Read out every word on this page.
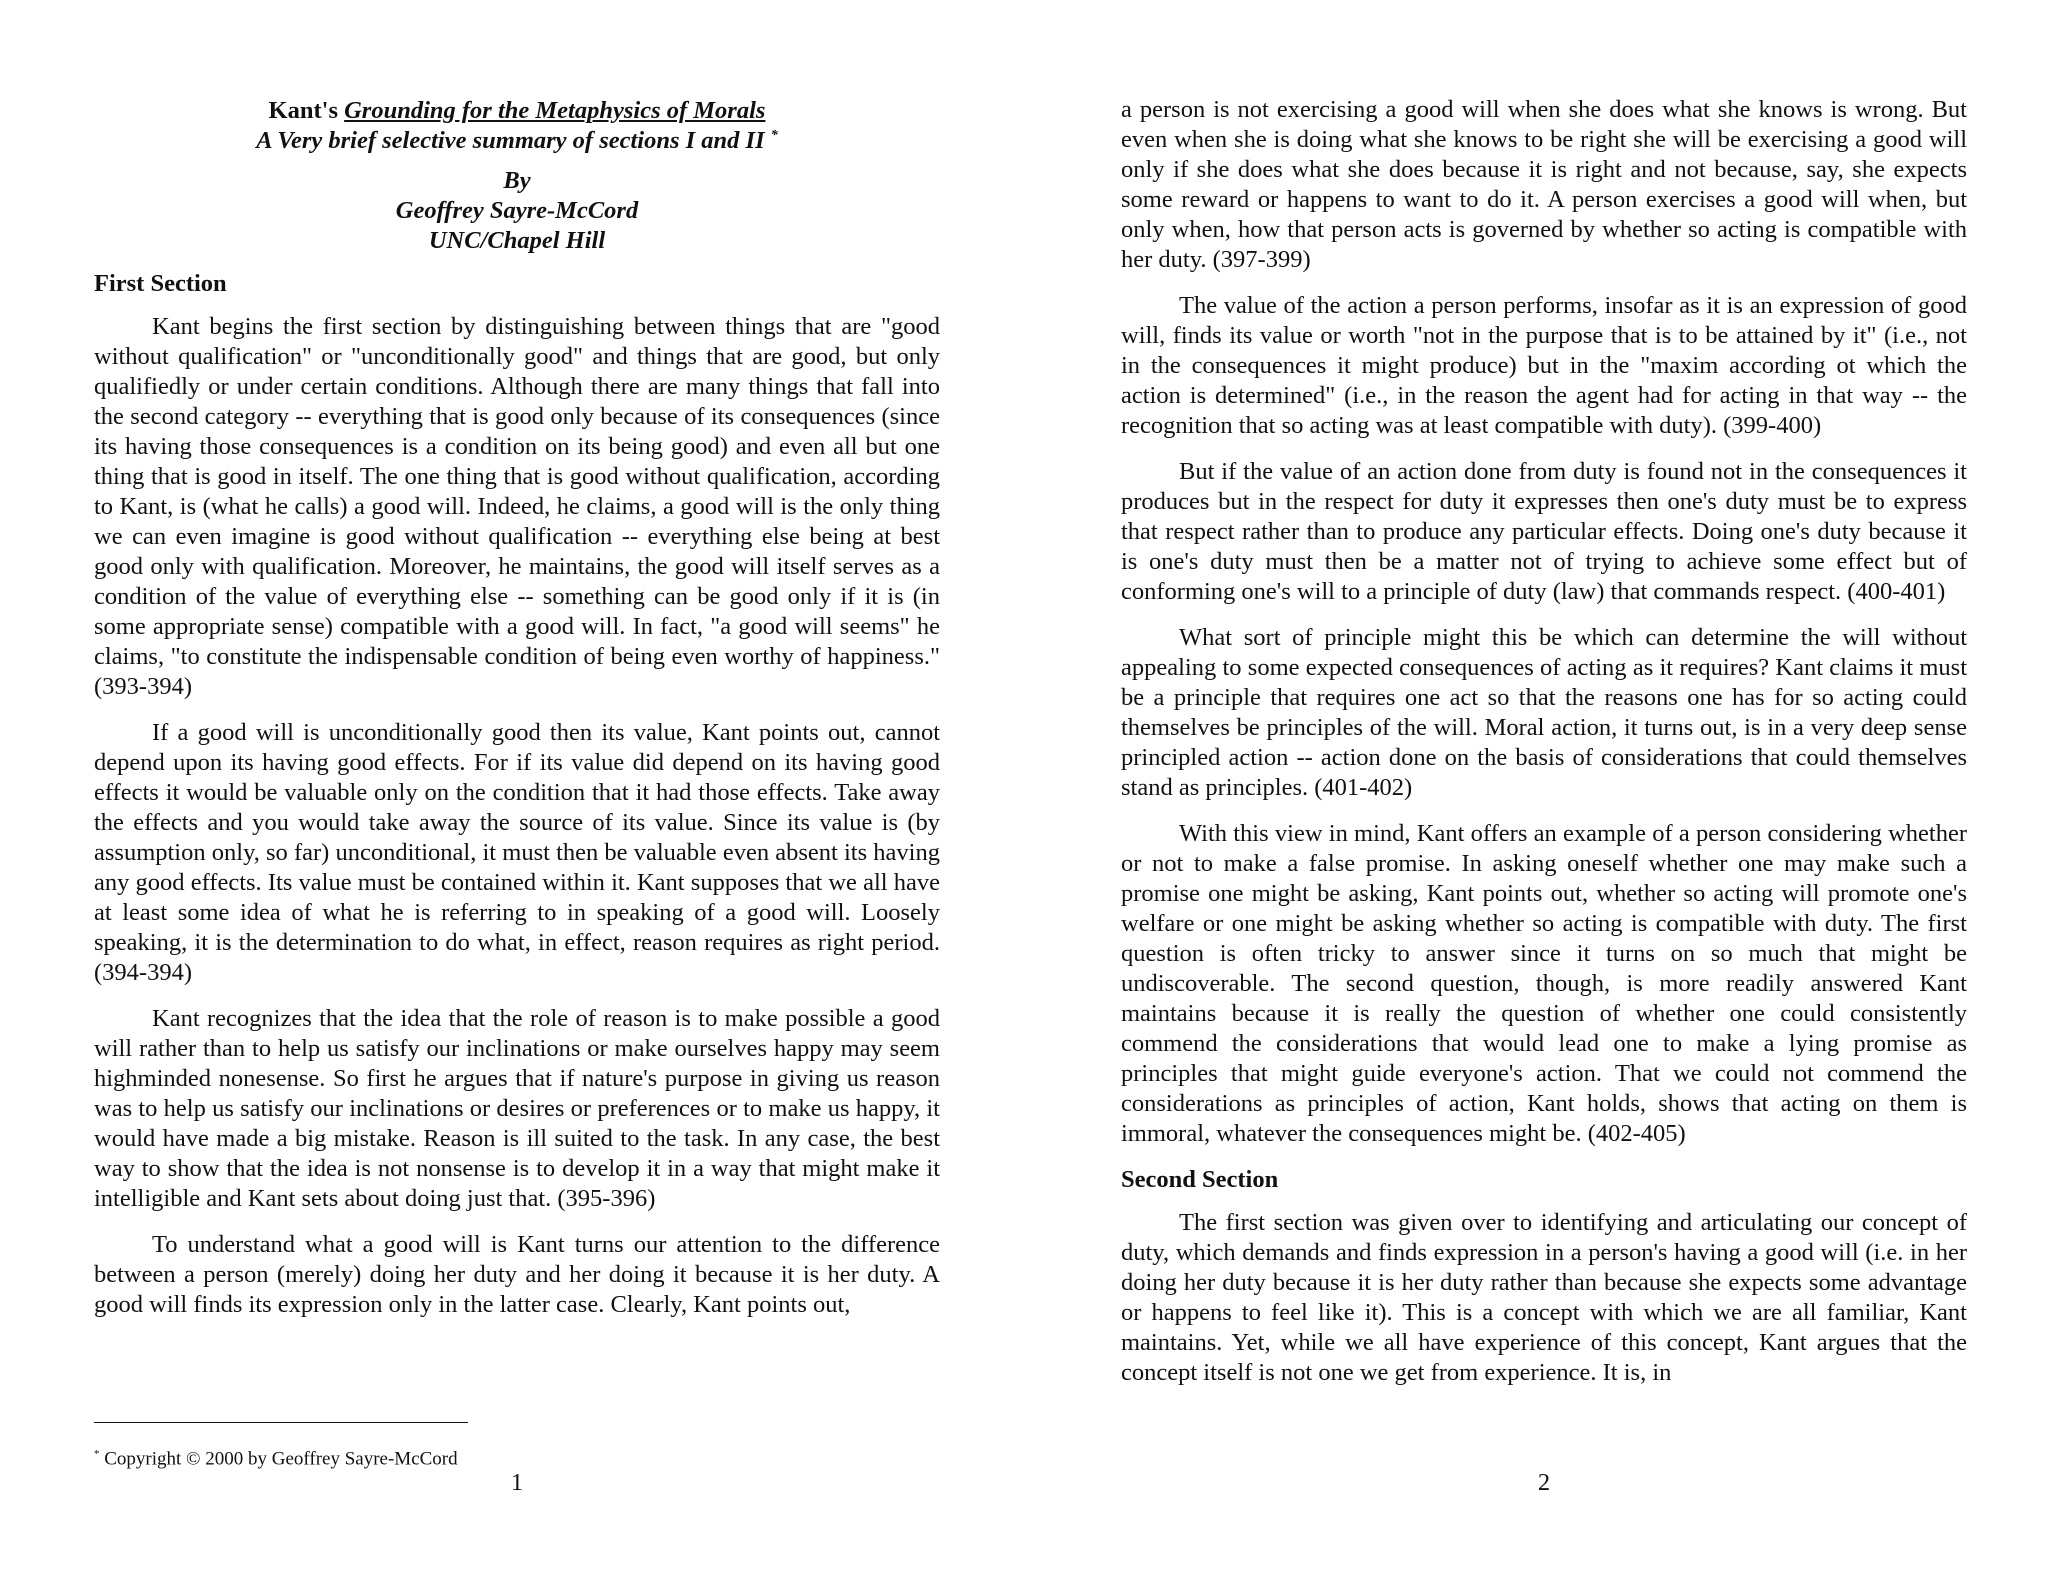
Kant's Grounding for the Metaphysics of Morals
A Very brief selective summary of sections I and II *
By
Geoffrey Sayre-McCord
UNC/Chapel Hill
First Section

Kant begins the first section by distinguishing between things that are "good without qualification" or "unconditionally good" and things that are good, but only qualifiedly or under certain conditions. Although there are many things that fall into the second category -- everything that is good only because of its consequences (since its having those consequences is a condition on its being good) and even all but one thing that is good in itself. The one thing that is good without qualification, according to Kant, is (what he calls) a good will. Indeed, he claims, a good will is the only thing we can even imagine is good without qualification -- everything else being at best good only with qualification. Moreover, he maintains, the good will itself serves as a condition of the value of everything else -- something can be good only if it is (in some appropriate sense) compatible with a good will. In fact, "a good will seems" he claims, "to constitute the indispensable condition of being even worthy of happiness." (393-394)

If a good will is unconditionally good then its value, Kant points out, cannot depend upon its having good effects. For if its value did depend on its having good effects it would be valuable only on the condition that it had those effects. Take away the effects and you would take away the source of its value. Since its value is (by assumption only, so far) unconditional, it must then be valuable even absent its having any good effects. Its value must be contained within it. Kant supposes that we all have at least some idea of what he is referring to in speaking of a good will. Loosely speaking, it is the determination to do what, in effect, reason requires as right period. (394-394)

Kant recognizes that the idea that the role of reason is to make possible a good will rather than to help us satisfy our inclinations or make ourselves happy may seem highminded nonesense. So first he argues that if nature's purpose in giving us reason was to help us satisfy our inclinations or desires or preferences or to make us happy, it would have made a big mistake. Reason is ill suited to the task. In any case, the best way to show that the idea is not nonsense is to develop it in a way that might make it intelligible and Kant sets about doing just that. (395-396)

To understand what a good will is Kant turns our attention to the difference between a person (merely) doing her duty and her doing it because it is her duty. A good will finds its expression only in the latter case. Clearly, Kant points out,

* Copyright © 2000 by Geoffrey Sayre-McCord
1

a person is not exercising a good will when she does what she knows is wrong. But even when she is doing what she knows to be right she will be exercising a good will only if she does what she does because it is right and not because, say, she expects some reward or happens to want to do it. A person exercises a good will when, but only when, how that person acts is governed by whether so acting is compatible with her duty. (397-399)

The value of the action a person performs, insofar as it is an expression of good will, finds its value or worth "not in the purpose that is to be attained by it" (i.e., not in the consequences it might produce) but in the "maxim according ot which the action is determined" (i.e., in the reason the agent had for acting in that way -- the recognition that so acting was at least compatible with duty). (399-400)

But if the value of an action done from duty is found not in the consequences it produces but in the respect for duty it expresses then one's duty must be to express that respect rather than to produce any particular effects. Doing one's duty because it is one's duty must then be a matter not of trying to achieve some effect but of conforming one's will to a principle of duty (law) that commands respect. (400-401)

What sort of principle might this be which can determine the will without appealing to some expected consequences of acting as it requires? Kant claims it must be a principle that requires one act so that the reasons one has for so acting could themselves be principles of the will. Moral action, it turns out, is in a very deep sense principled action -- action done on the basis of considerations that could themselves stand as principles. (401-402)

With this view in mind, Kant offers an example of a person considering whether or not to make a false promise. In asking oneself whether one may make such a promise one might be asking, Kant points out, whether so acting will promote one's welfare or one might be asking whether so acting is compatible with duty. The first question is often tricky to answer since it turns on so much that might be undiscoverable. The second question, though, is more readily answered Kant maintains because it is really the question of whether one could consistently commend the considerations that would lead one to make a lying promise as principles that might guide everyone's action. That we could not commend the considerations as principles of action, Kant holds, shows that acting on them is immoral, whatever the consequences might be. (402-405)

Second Section

The first section was given over to identifying and articulating our concept of duty, which demands and finds expression in a person's having a good will (i.e. in her doing her duty because it is her duty rather than because she expects some advantage or happens to feel like it). This is a concept with which we are all familiar, Kant maintains. Yet, while we all have experience of this concept, Kant argues that the concept itself is not one we get from experience. It is, in

2
